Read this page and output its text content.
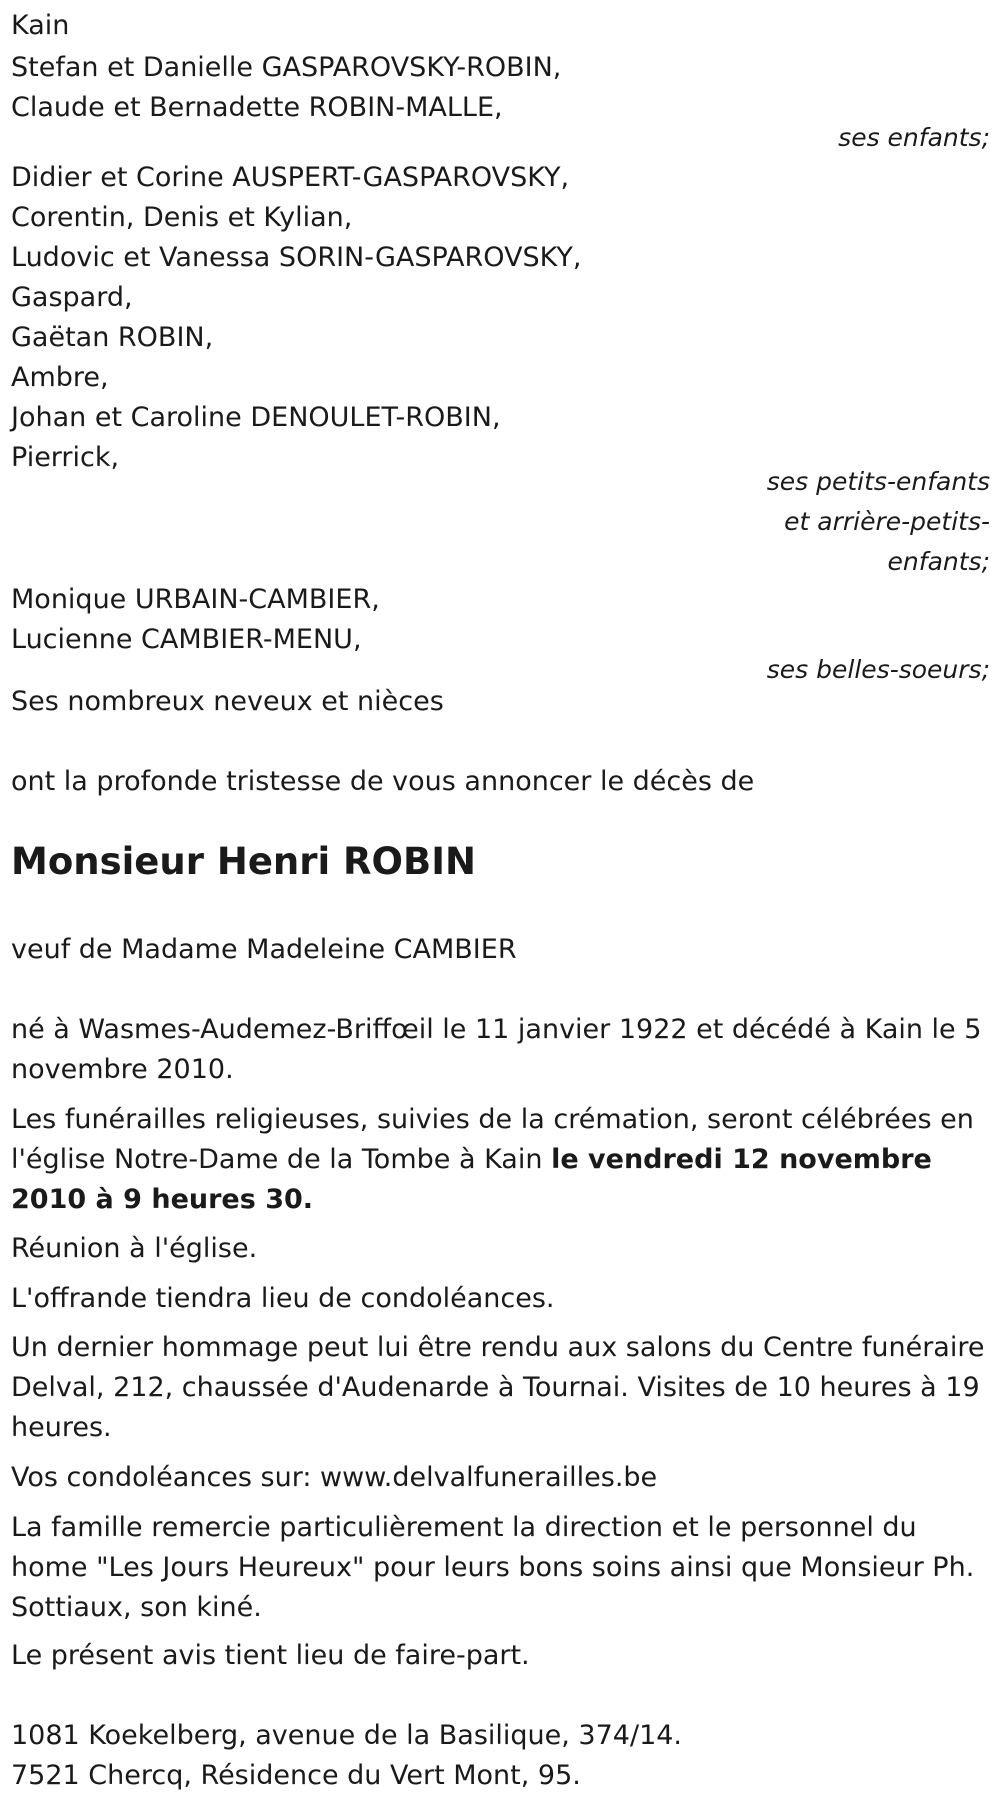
Kain
Stefan et Danielle GASPAROVSKY-ROBIN,
Claude et Bernadette ROBIN-MALLE,
ses enfants;
Didier et Corine AUSPERT-GASPAROVSKY,
Corentin, Denis et Kylian,
Ludovic et Vanessa SORIN-GASPAROVSKY,
Gaspard,
Gaëtan ROBIN,
Ambre,
Johan et Caroline DENOULET-ROBIN,
Pierrick,
ses petits-enfants
et arrière-petits-
enfants;
Monique URBAIN-CAMBIER,
Lucienne CAMBIER-MENU,
ses belles-soeurs;
Ses nombreux neveux et nièces
ont la profonde tristesse de vous annoncer le décès de
Monsieur Henri ROBIN
veuf de Madame Madeleine CAMBIER
né à Wasmes-Audemez-Briffœil le 11 janvier 1922 et décédé à Kain le 5 novembre 2010.
Les funérailles religieuses, suivies de la crémation, seront célébrées en l'église Notre-Dame de la Tombe à Kain le vendredi 12 novembre 2010 à 9 heures 30.
Réunion à l'église.
L'offrande tiendra lieu de condoléances.
Un dernier hommage peut lui être rendu aux salons du Centre funéraire Delval, 212, chaussée d'Audenarde à Tournai. Visites de 10 heures à 19 heures.
Vos condoléances sur: www.delvalfunerailles.be
La famille remercie particulièrement la direction et le personnel du home "Les Jours Heureux" pour leurs bons soins ainsi que Monsieur Ph. Sottiaux, son kiné.
Le présent avis tient lieu de faire-part.
1081 Koekelberg, avenue de la Basilique, 374/14.
7521 Chercq, Résidence du Vert Mont, 95.
